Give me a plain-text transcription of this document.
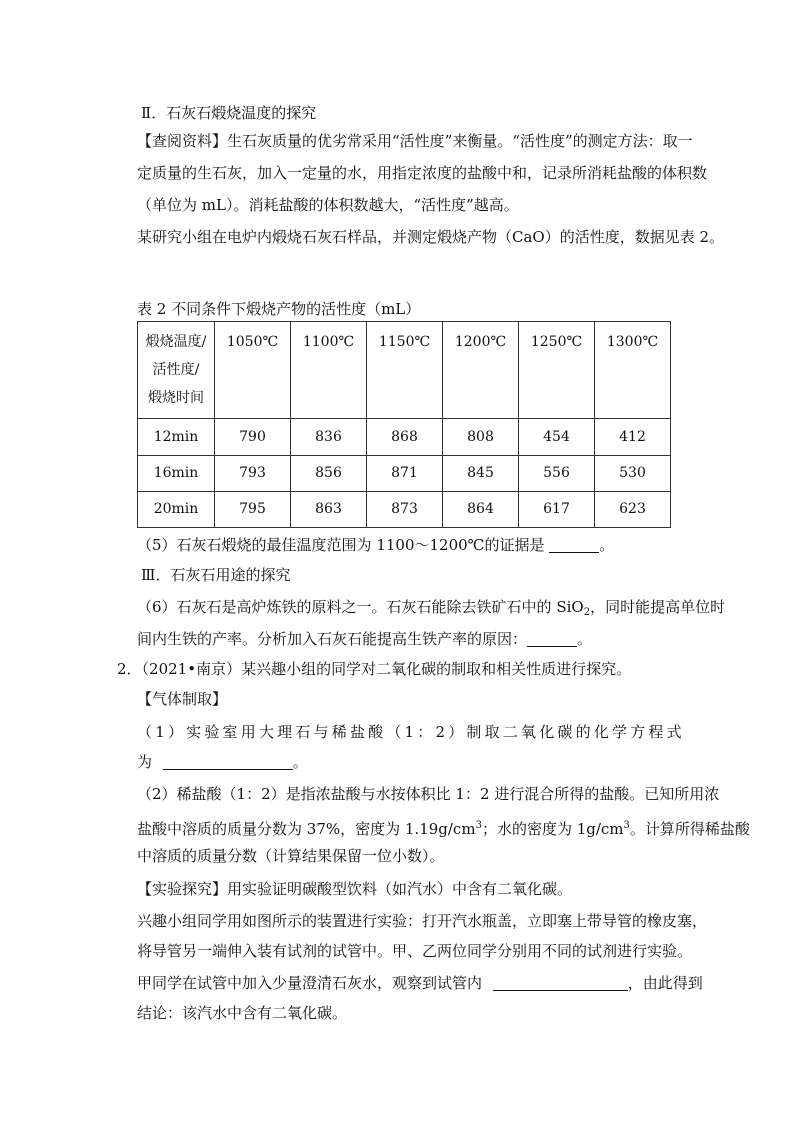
Ⅱ．石灰石煅烧温度的探究
【查阅资料】生石灰质量的优劣常采用“活性度”来衡量。“活性度”的测定方法：取一
定质量的生石灰，加入一定量的水，用指定浓度的盐酸中和，记录所消耗盐酸的体积数
（单位为 mL）。消耗盐酸的体积数越大，“活性度”越高。
某研究小组在电炉内煅烧石灰石样品，并测定煅烧产物（CaO）的活性度，数据见表 2。
表 2 不同条件下煅烧产物的活性度（mL）
煅烧温度/
活性度/
煅烧时间	1050℃	1100℃	1150℃	1200℃	1250℃	1300℃
12min	790	836	868	808	454	412
16min	793	856	871	845	556	530
20min	795	863	873	864	617	623
（5）石灰石煅烧的最佳温度范围为 1100～1200℃的证据是	。
Ⅲ．石灰石用途的探究
（6）石灰石是高炉炼铁的原料之一。石灰石能除去铁矿石中的 SiO$_2$，同时能提高单位时
间内生铁的产率。分析加入石灰石能提高生铁产率的原因：	。
2．（2021•南京）某兴趣小组的同学对二氧化碳的制取和相关性质进行探究。
【气体制取】
（1）实验室用大理石与稀盐酸（1：2）制取二氧化碳的化学方程式
为	。
（2）稀盐酸（1：2）是指浓盐酸与水按体积比 1：2 进行混合所得的盐酸。已知所用浓
盐酸中溶质的质量分数为 37%，密度为 $1.19g/cm^3$；水的密度为 $1g/cm^3$。计算所得稀盐酸
中溶质的质量分数（计算结果保留一位小数）。
【实验探究】用实验证明碳酸型饮料（如汽水）中含有二氧化碳。
兴趣小组同学用如图所示的装置进行实验：打开汽水瓶盖，立即塞上带导管的橡皮塞，
将导管另一端伸入装有试剂的试管中。甲、乙两位同学分别用不同的试剂进行实验。
甲同学在试管中加入少量澄清石灰水，观察到试管内	，由此得到
结论：该汽水中含有二氧化碳。
